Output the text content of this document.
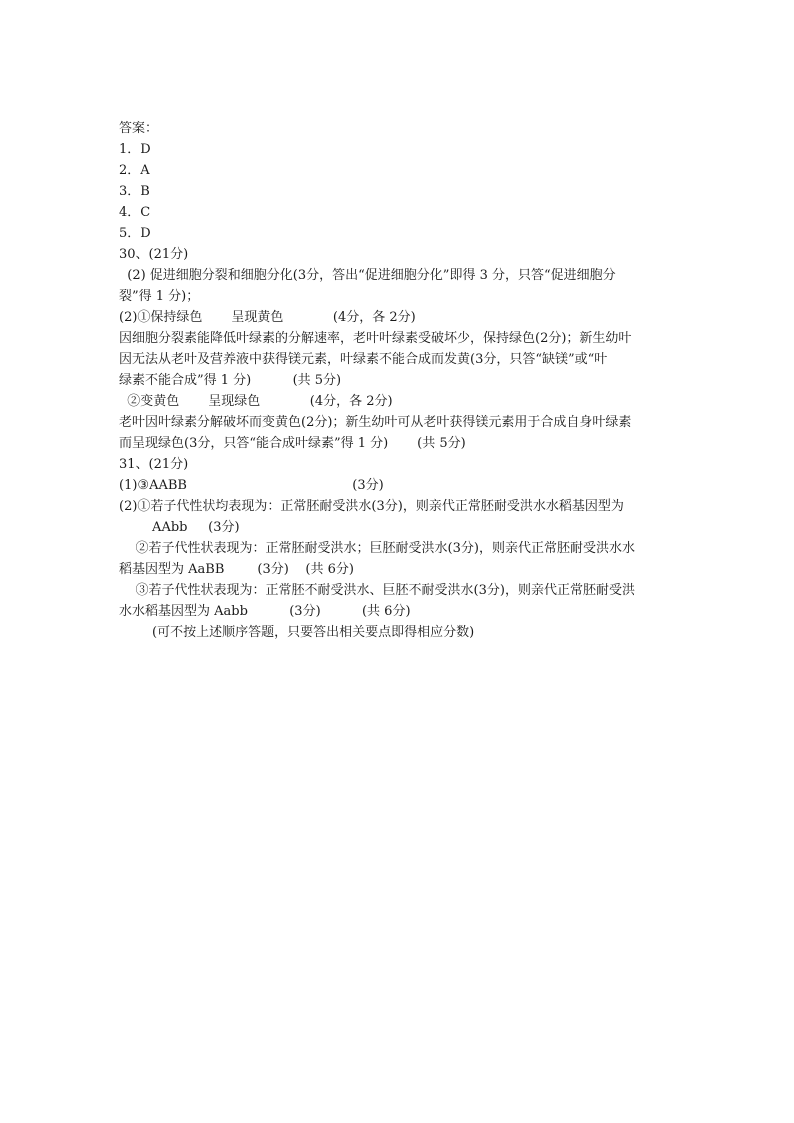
答案：
1．D
2．A
3．B
4．C
5．D
30、(21分)
(2) 促进细胞分裂和细胞分化(3分，答出“促进细胞分化”即得 3 分，只答“促进细胞分
裂”得 1 分)；
(2)①保持绿色       呈现黄色            (4分，各 2分)
因细胞分裂素能降低叶绿素的分解速率，老叶叶绿素受破坏少，保持绿色(2分)；新生幼叶
因无法从老叶及营养液中获得镁元素，叶绿素不能合成而发黄(3分，只答“缺镁”或“叶
绿素不能合成”得 1 分)          (共 5分)
②变黄色       呈现绿色            (4分，各 2分)
老叶因叶绿素分解破坏而变黄色(2分)；新生幼叶可从老叶获得镁元素用于合成自身叶绿素
而呈现绿色(3分，只答“能合成叶绿素”得 1 分)       (共 5分)
31、(21分)
(1)③AABB                                        (3分)
(2)①若子代性状均表现为：正常胚耐受洪水(3分)，则亲代正常胚耐受洪水水稻基因型为
AAbb     (3分)
②若子代性状表现为：正常胚耐受洪水；巨胚耐受洪水(3分)，则亲代正常胚耐受洪水水
稻基因型为 AaBB        (3分)    (共 6分)
③若子代性状表现为：正常胚不耐受洪水、巨胚不耐受洪水(3分)，则亲代正常胚耐受洪
水水稻基因型为 Aabb          (3分)          (共 6分)
(可不按上述顺序答题，只要答出相关要点即得相应分数)
